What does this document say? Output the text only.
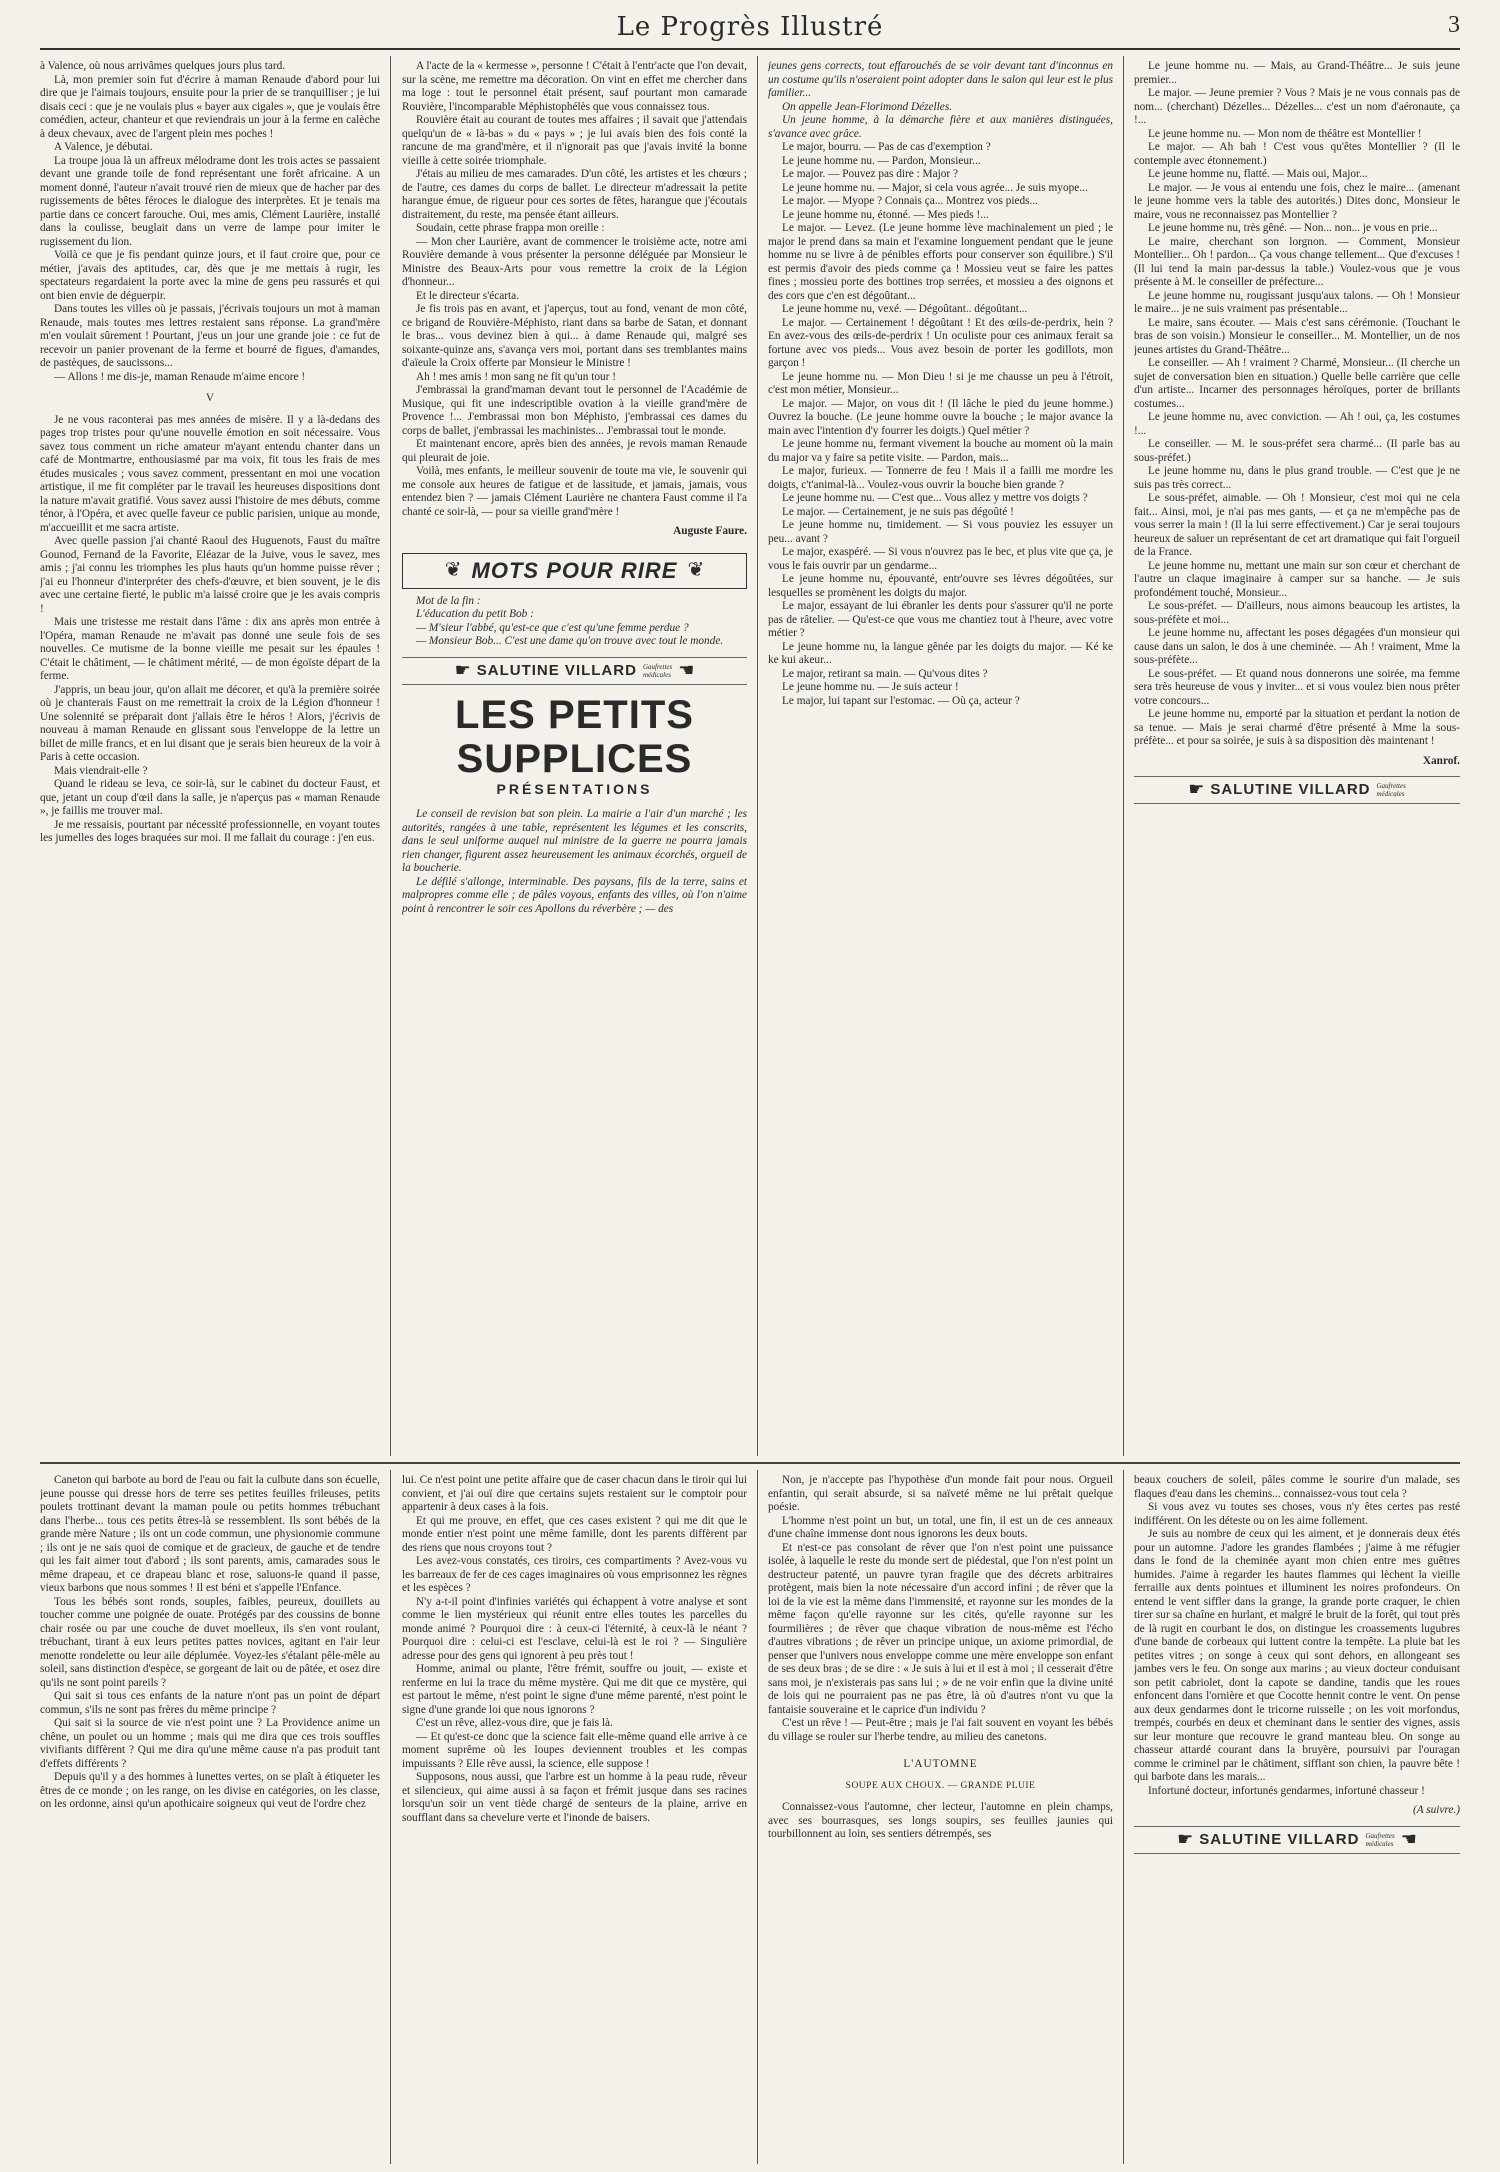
Le Progrès Illustré	3

à Valence, où nous arrivâmes quelques jours plus tard.

Là, mon premier soin fut d'écrire à maman Renaude d'abord pour lui dire que je l'aimais toujours, ensuite pour la prier de se tranquilliser ; je lui disais ceci : que je ne voulais plus « bayer aux cigales », que je voulais être comédien, acteur, chanteur et que reviendrais un jour à la ferme en calèche à deux chevaux, avec de l'argent plein mes poches !

A Valence, je débutai.

La troupe joua là un affreux mélodrame dont les trois actes se passaient devant une grande toile de fond représentant une forêt africaine. A un moment donné, l'auteur n'avait trouvé rien de mieux que de hacher par des rugissements de bêtes féroces le dialogue des interprètes. Et je tenais ma partie dans ce concert farouche. Oui, mes amis, Clément Laurière, installé dans la coulisse, beuglait dans un verre de lampe pour imiter le rugissement du lion.

Voilà ce que je fis pendant quinze jours, et il faut croire que, pour ce métier, j'avais des aptitudes, car, dès que je me mettais à rugir, les spectateurs regardaient la porte avec la mine de gens peu rassurés et qui ont bien envie de déguerpir.

Dans toutes les villes où je passais, j'écrivais toujours un mot à maman Renaude, mais toutes mes lettres restaient sans réponse. La grand'mère m'en voulait sûrement ! Pourtant, j'eus un jour une grande joie : ce fut de recevoir un panier provenant de la ferme et bourré de figues, d'amandes, de pastèques, de saucissons...

— Allons ! me dis-je, maman Renaude m'aime encore !

V

Je ne vous raconterai pas mes années de misère. Il y a là-dedans des pages trop tristes pour qu'une nouvelle émotion en soit nécessaire. Vous savez tous comment un riche amateur m'ayant entendu chanter dans un café de Montmartre, enthousiasmé par ma voix, fit tous les frais de mes études musicales ; vous savez comment, pressentant en moi une vocation artistique, il me fit compléter par le travail les heureuses dispositions dont la nature m'avait gratifié. Vous savez aussi l'histoire de mes débuts, comme ténor, à l'Opéra, et avec quelle faveur ce public parisien, unique au monde, m'accueillit et me sacra artiste.

Avec quelle passion j'ai chanté Raoul des Huguenots, Faust du maître Gounod, Fernand de la Favorite, Eléazar de la Juive, vous le savez, mes amis ; j'ai connu les triomphes les plus hauts qu'un homme puisse rêver ; j'ai eu l'honneur d'interpréter des chefs-d'œuvre, et bien souvent, je le dis avec une certaine fierté, le public m'a laissé croire que je les avais compris !

Mais une tristesse me restait dans l'âme : dix ans après mon entrée à l'Opéra, maman Renaude ne m'avait pas donné une seule fois de ses nouvelles. Ce mutisme de la bonne vieille me pesait sur les épaules ! C'était le châtiment, — le châtiment mérité, — de mon égoïste départ de la ferme.

J'appris, un beau jour, qu'on allait me décorer, et qu'à la première soirée où je chanterais Faust on me remettrait la croix de la Légion d'honneur ! Une solennité se préparait dont j'allais être le héros ! Alors, j'écrivis de nouveau à maman Renaude en glissant sous l'enveloppe de la lettre un billet de mille francs, et en lui disant que je serais bien heureux de la voir à Paris à cette occasion.

Mais viendrait-elle ?

Quand le rideau se leva, ce soir-là, sur le cabinet du docteur Faust, et que, jetant un coup d'œil dans la salle, je n'aperçus pas « maman Renaude », je faillis me trouver mal.

Je me ressaisis, pourtant par nécessité professionnelle, en voyant toutes les jumelles des loges braquées sur moi. Il me fallait du courage : j'en eus.

A l'acte de la « kermesse », personne ! C'était à l'entr'acte que l'on devait, sur la scène, me remettre ma décoration. On vint en effet me chercher dans ma loge : tout le personnel était présent, sauf pourtant mon camarade Rouvière, l'incomparable Méphistophélès que vous connaissez tous.

Rouvière était au courant de toutes mes affaires ; il savait que j'attendais quelqu'un de « là-bas » du « pays » ; je lui avais bien des fois conté la rancune de ma grand'mère, et il n'ignorait pas que j'avais invité la bonne vieille à cette soirée triomphale.

J'étais au milieu de mes camarades. D'un côté, les artistes et les chœurs ; de l'autre, ces dames du corps de ballet. Le directeur m'adressait la petite harangue émue, de rigueur pour ces sortes de fêtes, harangue que j'écoutais distraitement, du reste, ma pensée étant ailleurs.

Soudain, cette phrase frappa mon oreille :

— Mon cher Laurière, avant de commencer le troisième acte, notre ami Rouvière demande à vous présenter la personne déléguée par Monsieur le Ministre des Beaux-Arts pour vous remettre la croix de la Légion d'honneur...

Et le directeur s'écarta.

Je fis trois pas en avant, et j'aperçus, tout au fond, venant de mon côté, ce brigand de Rouvière-Méphisto, riant dans sa barbe de Satan, et donnant le bras... vous devinez bien à qui... à dame Renaude qui, malgré ses soixante-quinze ans, s'avança vers moi, portant dans ses tremblantes mains d'aïeule la Croix offerte par Monsieur le Ministre !

Ah ! mes amis ! mon sang ne fit qu'un tour !

J'embrassai la grand'maman devant tout le personnel de l'Académie de Musique, qui fit une indescriptible ovation à la vieille grand'mère de Provence !... J'embrassai mon bon Méphisto, j'embrassai ces dames du corps de ballet, j'embrassai les machinistes... J'embrassai tout le monde.

Et maintenant encore, après bien des années, je revois maman Renaude qui pleurait de joie.

Voilà, mes enfants, le meilleur souvenir de toute ma vie, le souvenir qui me console aux heures de fatigue et de lassitude, et jamais, jamais, vous entendez bien ? — jamais Clément Laurière ne chantera Faust comme il l'a chanté ce soir-là, — pour sa vieille grand'mère !

Auguste Faure.

❦ MOTS POUR RIRE ❦

Mot de la fin :

L'éducation du petit Bob :

— M'sieur l'abbé, qu'est-ce que c'est qu'une femme perdue ?

— Monsieur Bob... C'est une dame qu'on trouve avec tout le monde.

☛ SALUTINE VILLARD Gaufrettes
médicales ☚
LES PETITS SUPPLICES
PRÉSENTATIONS

Le conseil de revision bat son plein. La mairie a l'air d'un marché ; les autorités, rangées à une table, représentent les légumes et les conscrits, dans le seul uniforme auquel nul ministre de la guerre ne pourra jamais rien changer, figurent assez heureusement les animaux écorchés, orgueil de la boucherie.

Le défilé s'allonge, interminable. Des paysans, fils de la terre, sains et malpropres comme elle ; de pâles voyous, enfants des villes, où l'on n'aime point à rencontrer le soir ces Apollons du réverbère ; — des

jeunes gens corrects, tout effarouchés de se voir devant tant d'inconnus en un costume qu'ils n'oseraient point adopter dans le salon qui leur est le plus familier...

On appelle Jean-Florimond Dézelles.

Un jeune homme, à la démarche fière et aux manières distinguées, s'avance avec grâce.

Le major, bourru. — Pas de cas d'exemption ?

Le jeune homme nu. — Pardon, Monsieur...

Le major. — Pouvez pas dire : Major ?

Le jeune homme nu. — Major, si cela vous agrée... Je suis myope...

Le major. — Myope ? Connais ça... Montrez vos pieds...

Le jeune homme nu, étonné. — Mes pieds !...

Le major. — Levez. (Le jeune homme lève machinalement un pied ; le major le prend dans sa main et l'examine longuement pendant que le jeune homme nu se livre à de pénibles efforts pour conserver son équilibre.) S'il est permis d'avoir des pieds comme ça ! Mossieu veut se faire les pattes fines ; mossieu porte des bottines trop serrées, et mossieu a des oignons et des cors que c'en est dégoûtant...

Le jeune homme nu, vexé. — Dégoûtant.. dégoûtant...

Le major. — Certainement ! dégoûtant ! Et des œils-de-perdrix, hein ? En avez-vous des œils-de-perdrix ! Un oculiste pour ces animaux ferait sa fortune avec vos pieds... Vous avez besoin de porter les godillots, mon garçon !

Le jeune homme nu. — Mon Dieu ! si je me chausse un peu à l'étroit, c'est mon métier, Monsieur...

Le major. — Major, on vous dit ! (Il lâche le pied du jeune homme.) Ouvrez la bouche. (Le jeune homme ouvre la bouche ; le major avance la main avec l'intention d'y fourrer les doigts.) Quel métier ?

Le jeune homme nu, fermant vivement la bouche au moment où la main du major va y faire sa petite visite. — Pardon, mais...

Le major, furieux. — Tonnerre de feu ! Mais il a failli me mordre les doigts, c't'animal-là... Voulez-vous ouvrir la bouche bien grande ?

Le jeune homme nu. — C'est que... Vous allez y mettre vos doigts ?

Le major. — Certainement, je ne suis pas dégoûté !

Le jeune homme nu, timidement. — Si vous pouviez les essuyer un peu... avant ?

Le major, exaspéré. — Si vous n'ouvrez pas le bec, et plus vite que ça, je vous le fais ouvrir par un gendarme...

Le jeune homme nu, épouvanté, entr'ouvre ses lèvres dégoûtées, sur lesquelles se promènent les doigts du major.

Le major, essayant de lui ébranler les dents pour s'assurer qu'il ne porte pas de râtelier. — Qu'est-ce que vous me chantiez tout à l'heure, avec votre métier ?

Le jeune homme nu, la langue gênée par les doigts du major. — Ké ke ke kui akeur...

Le major, retirant sa main. — Qu'vous dites ?

Le jeune homme nu. — Je suis acteur !

Le major, lui tapant sur l'estomac. — Où ça, acteur ?

Le jeune homme nu. — Mais, au Grand-Théâtre... Je suis jeune premier...

Le major. — Jeune premier ? Vous ? Mais je ne vous connais pas de nom... (cherchant) Dézelles... Dézelles... c'est un nom d'aéronaute, ça !...

Le jeune homme nu. — Mon nom de théâtre est Montellier !

Le major. — Ah bah ! C'est vous qu'êtes Montellier ? (Il le contemple avec étonnement.)

Le jeune homme nu, flatté. — Mais oui, Major...

Le major. — Je vous ai entendu une fois, chez le maire... (amenant le jeune homme vers la table des autorités.) Dites donc, Monsieur le maire, vous ne reconnaissez pas Montellier ?

Le jeune homme nu, très gêné. — Non... non... je vous en prie...

Le maire, cherchant son lorgnon. — Comment, Monsieur Montellier... Oh ! pardon... Ça vous change tellement... Que d'excuses ! (Il lui tend la main par-dessus la table.) Voulez-vous que je vous présente à M. le conseiller de préfecture...

Le jeune homme nu, rougissant jusqu'aux talons. — Oh ! Monsieur le maire... je ne suis vraiment pas présentable...

Le maire, sans écouter. — Mais c'est sans cérémonie. (Touchant le bras de son voisin.) Monsieur le conseiller... M. Montellier, un de nos jeunes artistes du Grand-Théâtre...

Le conseiller. — Ah ! vraiment ? Charmé, Monsieur... (Il cherche un sujet de conversation bien en situation.) Quelle belle carrière que celle d'un artiste... Incarner des personnages héroïques, porter de brillants costumes...

Le jeune homme nu, avec conviction. — Ah ! oui, ça, les costumes !...

Le conseiller. — M. le sous-préfet sera charmé... (Il parle bas au sous-préfet.)

Le jeune homme nu, dans le plus grand trouble. — C'est que je ne suis pas très correct...

Le sous-préfet, aimable. — Oh ! Monsieur, c'est moi qui ne cela fait... Ainsi, moi, je n'ai pas mes gants, — et ça ne m'empêche pas de vous serrer la main ! (Il la lui serre effectivement.) Car je serai toujours heureux de saluer un représentant de cet art dramatique qui fait l'orgueil de la France.

Le jeune homme nu, mettant une main sur son cœur et cherchant de l'autre un claque imaginaire à camper sur sa hanche. — Je suis profondément touché, Monsieur...

Le sous-préfet. — D'ailleurs, nous aimons beaucoup les artistes, la sous-préfète et moi...

Le jeune homme nu, affectant les poses dégagées d'un monsieur qui cause dans un salon, le dos à une cheminée. — Ah ! vraiment, Mme la sous-préfète...

Le sous-préfet. — Et quand nous donnerons une soirée, ma femme sera très heureuse de vous y inviter... et si vous voulez bien nous prêter votre concours...

Le jeune homme nu, emporté par la situation et perdant la notion de sa tenue. — Mais je serai charmé d'être présenté à Mme la sous-préfète... et pour sa soirée, je suis à sa disposition dès maintenant !

Xanrof.

☛ SALUTINE VILLARD Gaufrettes
médicales

Caneton qui barbote au bord de l'eau ou fait la culbute dans son écuelle, jeune pousse qui dresse hors de terre ses petites feuilles frileuses, petits poulets trottinant devant la maman poule ou petits hommes trébuchant dans l'herbe... tous ces petits êtres-là se ressemblent. Ils sont bébés de la grande mère Nature ; ils ont un code commun, une physionomie commune ; ils ont je ne sais quoi de comique et de gracieux, de gauche et de tendre qui les fait aimer tout d'abord ; ils sont parents, amis, camarades sous le même drapeau, et ce drapeau blanc et rose, saluons-le quand il passe, vieux barbons que nous sommes ! Il est béni et s'appelle l'Enfance.

Tous les bébés sont ronds, souples, faibles, peureux, douillets au toucher comme une poignée de ouate. Protégés par des coussins de bonne chair rosée ou par une couche de duvet moelleux, ils s'en vont roulant, trébuchant, tirant à eux leurs petites pattes novices, agitant en l'air leur menotte rondelette ou leur aile déplumée. Voyez-les s'étalant pêle-mêle au soleil, sans distinction d'espèce, se gorgeant de lait ou de pâtée, et osez dire qu'ils ne sont point pareils ?

Qui sait si tous ces enfants de la nature n'ont pas un point de départ commun, s'ils ne sont pas frères du même principe ?

Qui sait si la source de vie n'est point une ? La Providence anime un chêne, un poulet ou un homme ; mais qui me dira que ces trois souffles vivifiants diffèrent ? Qui me dira qu'une même cause n'a pas produit tant d'effets différents ?

Depuis qu'il y a des hommes à lunettes vertes, on se plaît à étiqueter les êtres de ce monde ; on les range, on les divise en catégories, on les classe, on les ordonne, ainsi qu'un apothicaire soigneux qui veut de l'ordre chez

lui. Ce n'est point une petite affaire que de caser chacun dans le tiroir qui lui convient, et j'ai ouï dire que certains sujets restaient sur le comptoir pour appartenir à deux cases à la fois.

Et qui me prouve, en effet, que ces cases existent ? qui me dit que le monde entier n'est point une même famille, dont les parents diffèrent par des riens que nous croyons tout ?

Les avez-vous constatés, ces tiroirs, ces compartiments ? Avez-vous vu les barreaux de fer de ces cages imaginaires où vous emprisonnez les règnes et les espèces ?

N'y a-t-il point d'infinies variétés qui échappent à votre analyse et sont comme le lien mystérieux qui réunit entre elles toutes les parcelles du monde animé ? Pourquoi dire : à ceux-ci l'éternité, à ceux-là le néant ? Pourquoi dire : celui-ci est l'esclave, celui-là est le roi ? — Singulière adresse pour des gens qui ignorent à peu près tout !

Homme, animal ou plante, l'être frémit, souffre ou jouit, — existe et renferme en lui la trace du même mystère. Qui me dit que ce mystère, qui est partout le même, n'est point le signe d'une même parenté, n'est point le signe d'une grande loi que nous ignorons ?

C'est un rêve, allez-vous dire, que je fais là.

— Et qu'est-ce donc que la science fait elle-même quand elle arrive à ce moment suprême où les loupes deviennent troubles et les compas impuissants ? Elle rêve aussi, la science, elle suppose !

Supposons, nous aussi, que l'arbre est un homme à la peau rude, rêveur et silencieux, qui aime aussi à sa façon et frémit jusque dans ses racines lorsqu'un soir un vent tiède chargé de senteurs de la plaine, arrive en soufflant dans sa chevelure verte et l'inonde de baisers.

Non, je n'accepte pas l'hypothèse d'un monde fait pour nous. Orgueil enfantin, qui serait absurde, si sa naïveté même ne lui prêtait quelque poésie.

L'homme n'est point un but, un total, une fin, il est un de ces anneaux d'une chaîne immense dont nous ignorons les deux bouts.

Et n'est-ce pas consolant de rêver que l'on n'est point une puissance isolée, à laquelle le reste du monde sert de piédestal, que l'on n'est point un destructeur patenté, un pauvre tyran fragile que des décrets arbitraires protègent, mais bien la note nécessaire d'un accord infini ; de rêver que la loi de la vie est la même dans l'immensité, et rayonne sur les mondes de la même façon qu'elle rayonne sur les cités, qu'elle rayonne sur les fourmilières ; de rêver que chaque vibration de nous-même est l'écho d'autres vibrations ; de rêver un principe unique, un axiome primordial, de penser que l'univers nous enveloppe comme une mère enveloppe son enfant de ses deux bras ; de se dire : « Je suis à lui et il est à moi ; il cesserait d'être sans moi, je n'existerais pas sans lui ; » de ne voir enfin que la divine unité de lois qui ne pourraient pas ne pas être, là où d'autres n'ont vu que la fantaisie souveraine et le caprice d'un individu ?

C'est un rêve ! — Peut-être ; mais je l'ai fait souvent en voyant les bébés du village se rouler sur l'herbe tendre, au milieu des canetons.

L'AUTOMNE

SOUPE AUX CHOUX. — GRANDE PLUIE

Connaissez-vous l'automne, cher lecteur, l'automne en plein champs, avec ses bourrasques, ses longs soupirs, ses feuilles jaunies qui tourbillonnent au loin, ses sentiers détrempés, ses

beaux couchers de soleil, pâles comme le sourire d'un malade, ses flaques d'eau dans les chemins... connaissez-vous tout cela ?

Si vous avez vu toutes ses choses, vous n'y êtes certes pas resté indifférent. On les déteste ou on les aime follement.

Je suis au nombre de ceux qui les aiment, et je donnerais deux étés pour un automne. J'adore les grandes flambées ; j'aime à me réfugier dans le fond de la cheminée ayant mon chien entre mes guêtres humides. J'aime à regarder les hautes flammes qui lèchent la vieille ferraille aux dents pointues et illuminent les noires profondeurs. On entend le vent siffler dans la grange, la grande porte craquer, le chien tirer sur sa chaîne en hurlant, et malgré le bruit de la forêt, qui tout près de là rugit en courbant le dos, on distingue les croassements lugubres d'une bande de corbeaux qui luttent contre la tempête. La pluie bat les petites vitres ; on songe à ceux qui sont dehors, en allongeant ses jambes vers le feu. On songe aux marins ; au vieux docteur conduisant son petit cabriolet, dont la capote se dandine, tandis que les roues enfoncent dans l'ornière et que Cocotte hennit contre le vent. On pense aux deux gendarmes dont le tricorne ruisselle ; on les voit morfondus, trempés, courbés en deux et cheminant dans le sentier des vignes, assis sur leur monture que recouvre le grand manteau bleu. On songe au chasseur attardé courant dans la bruyère, poursuivi par l'ouragan comme le criminel par le châtiment, sifflant son chien, la pauvre bête ! qui barbote dans les marais...

Infortuné docteur, infortunés gendarmes, infortuné chasseur !

(A suivre.)

☛ SALUTINE VILLARD Gaufrettes
médicales ☚
